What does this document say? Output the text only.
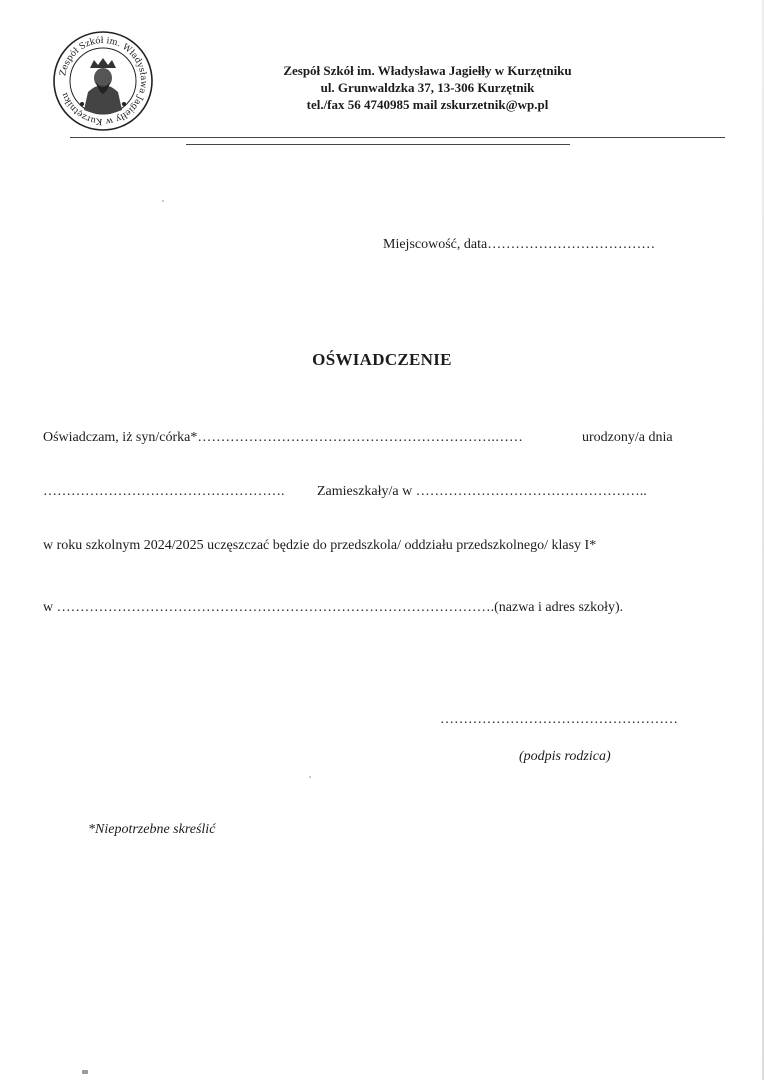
Zespół Szkół im. Władysława Jagiełły w Kurzętniku
Zespół Szkół im. Władysława Jagiełły w Kurzętniku
ul. Grunwaldzka 37, 13-306 Kurzętnik
tel./fax 56 4740985 mail zskurzetnik@wp.pl
Miejscowość, data………………………………
OŚWIADCZENIE
Oświadczam, iż syn/córka*……………………………………………………….……	urodzony/a dnia
……………………………………………. Zamieszkały/a w …………………………………………..
w roku szkolnym 2024/2025 uczęszczać będzie do przedszkola/ oddziału przedszkolnego/ klasy I*
w ………………………………………………………………………………….(nazwa i adres szkoły).
……………………………………………
(podpis rodzica)
*Niepotrzebne skreślić
